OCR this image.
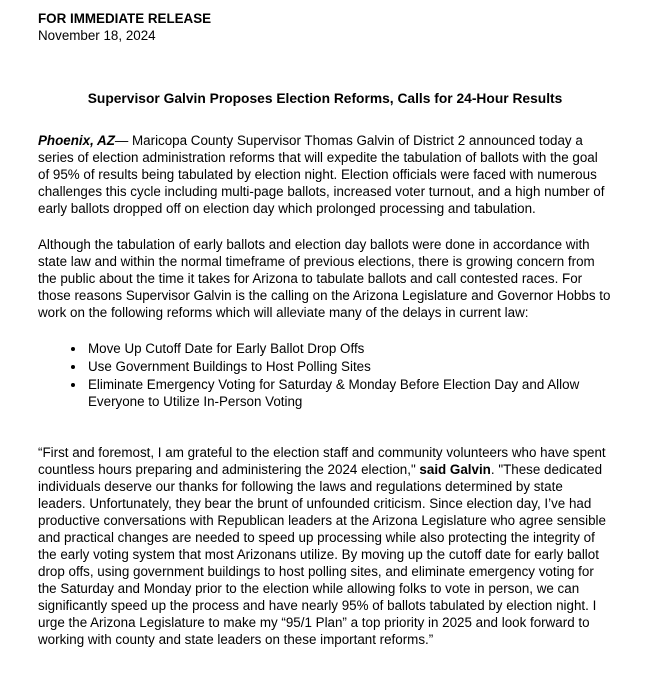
FOR IMMEDIATE RELEASE
November 18, 2024
Supervisor Galvin Proposes Election Reforms, Calls for 24-Hour Results

Phoenix, AZ— Maricopa County Supervisor Thomas Galvin of District 2 announced today a series of election administration reforms that will expedite the tabulation of ballots with the goal of 95% of results being tabulated by election night. Election officials were faced with numerous challenges this cycle including multi-page ballots, increased voter turnout, and a high number of early ballots dropped off on election day which prolonged processing and tabulation.

Although the tabulation of early ballots and election day ballots were done in accordance with state law and within the normal timeframe of previous elections, there is growing concern from the public about the time it takes for Arizona to tabulate ballots and call contested races. For those reasons Supervisor Galvin is the calling on the Arizona Legislature and Governor Hobbs to work on the following reforms which will alleviate many of the delays in current law:

• Move Up Cutoff Date for Early Ballot Drop Offs
• Use Government Buildings to Host Polling Sites
• Eliminate Emergency Voting for Saturday & Monday Before Election Day and Allow Everyone to Utilize In-Person Voting

“First and foremost, I am grateful to the election staff and community volunteers who have spent countless hours preparing and administering the 2024 election," said Galvin. "These dedicated individuals deserve our thanks for following the laws and regulations determined by state leaders. Unfortunately, they bear the brunt of unfounded criticism. Since election day, I’ve had productive conversations with Republican leaders at the Arizona Legislature who agree sensible and practical changes are needed to speed up processing while also protecting the integrity of the early voting system that most Arizonans utilize. By moving up the cutoff date for early ballot drop offs, using government buildings to host polling sites, and eliminate emergency voting for the Saturday and Monday prior to the election while allowing folks to vote in person, we can significantly speed up the process and have nearly 95% of ballots tabulated by election night. I urge the Arizona Legislature to make my “95/1 Plan” a top priority in 2025 and look forward to working with county and state leaders on these important reforms.”
